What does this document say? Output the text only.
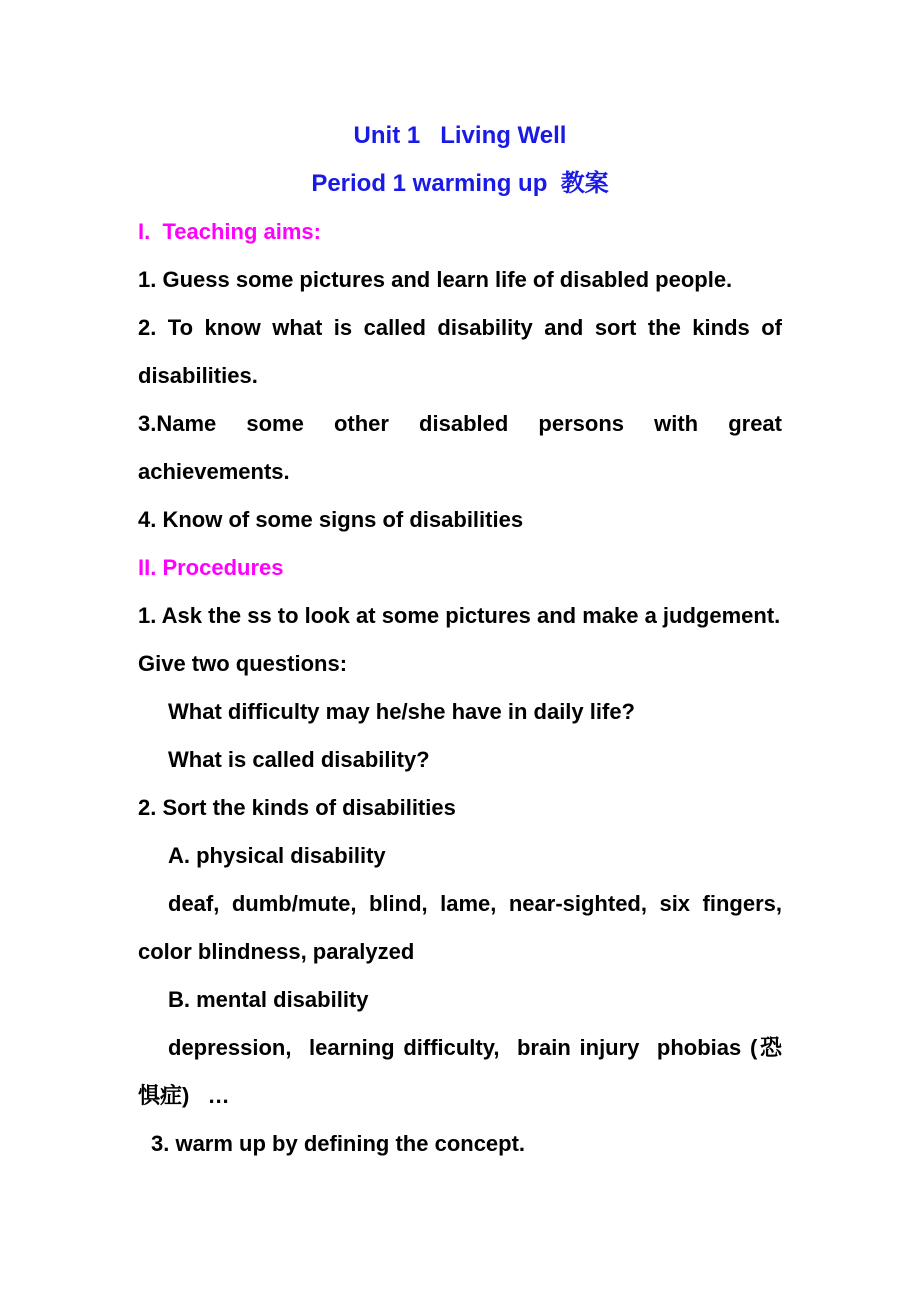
Unit 1   Living Well
Period 1 warming up  教案
I.  Teaching aims:
1. Guess some pictures and learn life of disabled people.
2. To know what is called disability and sort the kinds of
disabilities.
3.Name some other disabled persons with great
achievements.
4. Know of some signs of disabilities
II. Procedures
1. Ask the ss to look at some pictures and make a judgement.
Give two questions:
What difficulty may he/she have in daily life?
What is called disability?
2. Sort the kinds of disabilities
A. physical disability
deaf, dumb/mute, blind, lame, near-sighted, six fingers,
color blindness, paralyzed
B. mental disability
depression,  learning difficulty,  brain injury  phobias (恐
惧症)   …
3. warm up by defining the concept.
